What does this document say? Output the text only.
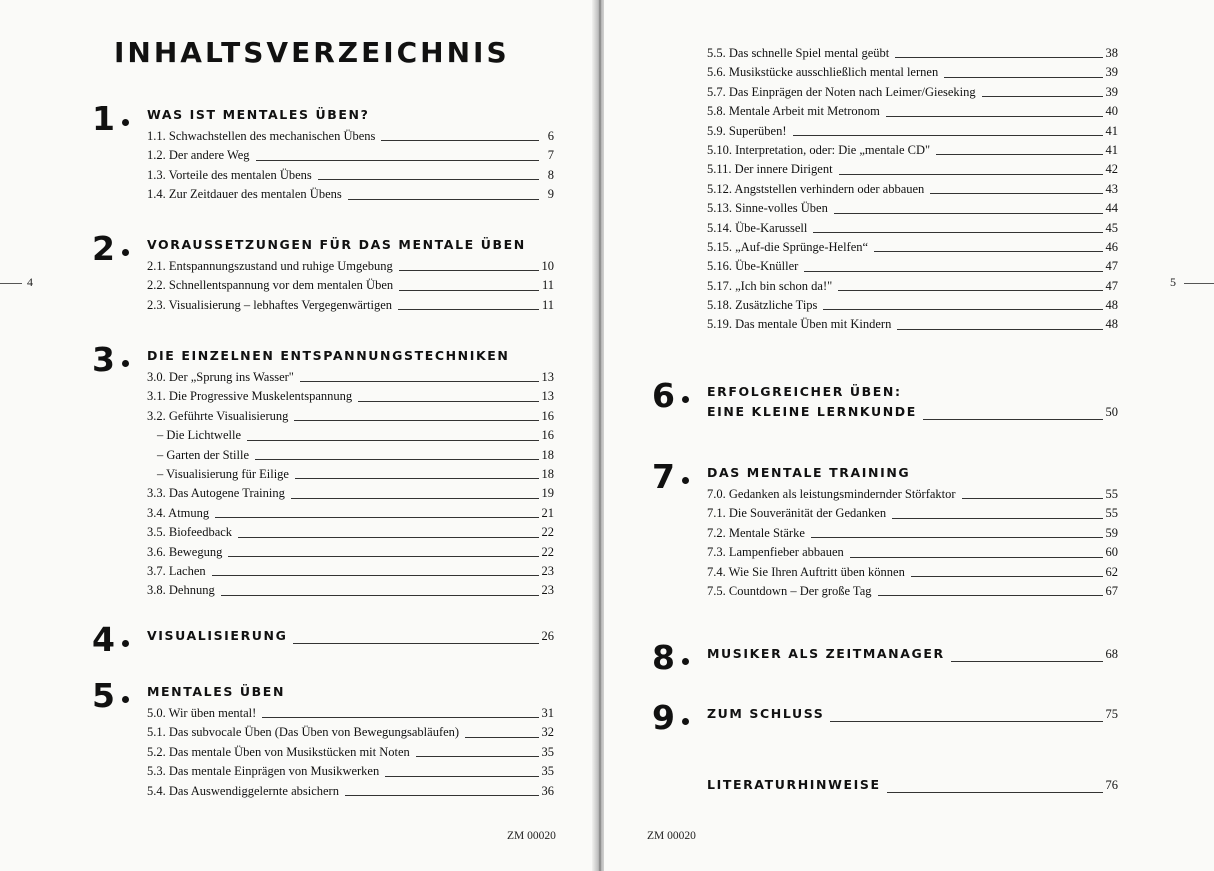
INHALTSVERZEICHNIS
1	WAS IST MENTALES ÜBEN?
1.1. Schwachstellen des mechanischen Übens	6
1.2. Der andere Weg	7
1.3. Vorteile des mentalen Übens	8
1.4. Zur Zeitdauer des mentalen Übens	9
2	VORAUSSETZUNGEN FÜR DAS MENTALE ÜBEN
2.1. Entspannungszustand und ruhige Umgebung	10
2.2. Schnellentspannung vor dem mentalen Üben	11
2.3. Visualisierung – lebhaftes Vergegenwärtigen	11
3	DIE EINZELNEN ENTSPANNUNGSTECHNIKEN
3.0. Der „Sprung ins Wasser"	13
3.1. Die Progressive Muskelentspannung	13
3.2. Geführte Visualisierung	16
– Die Lichtwelle	16
– Garten der Stille	18
– Visualisierung für Eilige	18
3.3. Das Autogene Training	19
3.4. Atmung	21
3.5. Biofeedback	22
3.6. Bewegung	22
3.7. Lachen	23
3.8. Dehnung	23
4	VISUALISIERUNG	26
5	MENTALES ÜBEN
5.0. Wir üben mental!	31
5.1. Das subvocale Üben (Das Üben von Bewegungsabläufen)	32
5.2. Das mentale Üben von Musikstücken mit Noten	35
5.3. Das mentale Einprägen von Musikwerken	35
5.4. Das Auswendiggelernte absichern	36
4
ZM 00020
5.5. Das schnelle Spiel mental geübt	38
5.6. Musikstücke ausschließlich mental lernen	39
5.7. Das Einprägen der Noten nach Leimer/Gieseking	39
5.8. Mentale Arbeit mit Metronom	40
5.9. Superüben!	41
5.10. Interpretation, oder: Die „mentale CD"	41
5.11. Der innere Dirigent	42
5.12. Angststellen verhindern oder abbauen	43
5.13. Sinne-volles Üben	44
5.14. Übe-Karussell	45
5.15. „Auf-die Sprünge-Helfen“	46
5.16. Übe-Knüller	47
5.17. „Ich bin schon da!"	47
5.18. Zusätzliche Tips	48
5.19. Das mentale Üben mit Kindern	48
6	ERFOLGREICHER ÜBEN:
EINE KLEINE LERNKUNDE	50
7	DAS MENTALE TRAINING
7.0. Gedanken als leistungsmindernder Störfaktor	55
7.1. Die Souveränität der Gedanken	55
7.2. Mentale Stärke	59
7.3. Lampenfieber abbauen	60
7.4. Wie Sie Ihren Auftritt üben können	62
7.5. Countdown – Der große Tag	67
8	MUSIKER ALS ZEITMANAGER	68
9	ZUM SCHLUSS	75
LITERATURHINWEISE	76
5
ZM 00020
